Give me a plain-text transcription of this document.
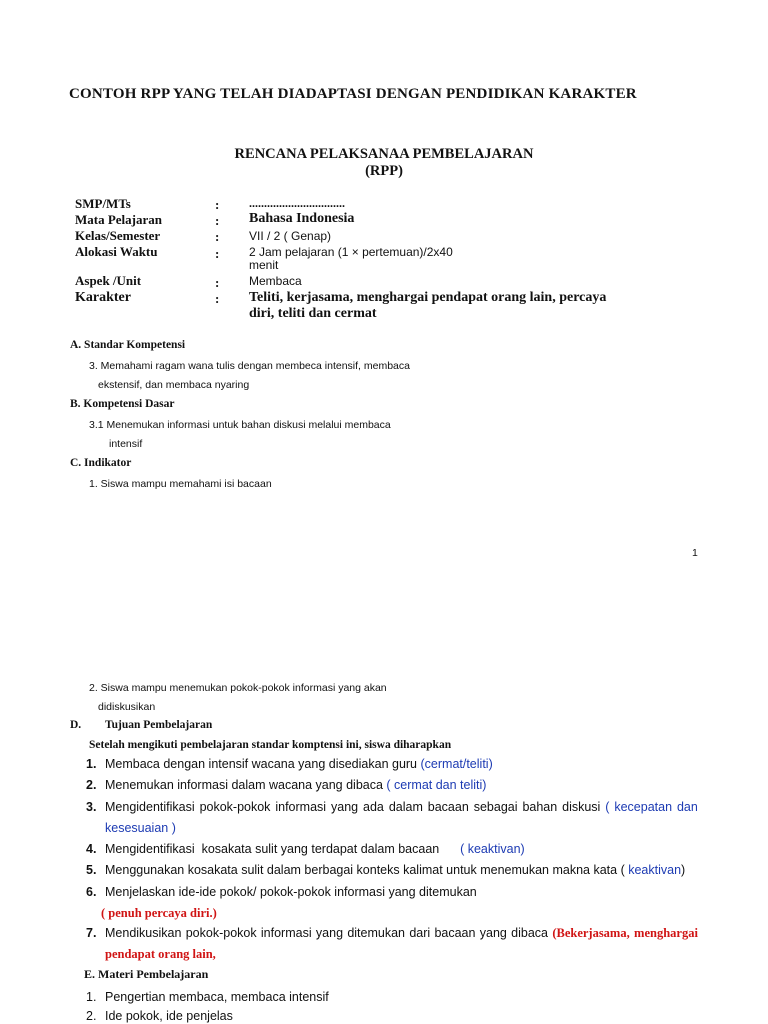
CONTOH RPP YANG TELAH DIADAPTASI DENGAN PENDIDIKAN KARAKTER
RENCANA PELAKSANAA PEMBELAJARAN
(RPP)
SMP/MTs	: ................................
Mata Pelajaran	: Bahasa Indonesia
Kelas/Semester	: VII / 2 ( Genap)
Alokasi Waktu	: 2 Jam pelajaran (1 × pertemuan)/2x40
menit
Aspek /Unit	: Membaca
Karakter	: Teliti, kerjasama, menghargai pendapat orang lain, percaya
diri, teliti dan cermat
A. Standar Kompetensi
3. Memahami ragam wana tulis dengan membeca intensif, membaca
ekstensif, dan membaca nyaring
B. Kompetensi Dasar
3.1 Menemukan informasi untuk bahan diskusi melalui membaca
intensif
C. Indikator
1. Siswa mampu memahami isi bacaan
1
2. Siswa mampu menemukan pokok-pokok informasi yang akan
didiskusikan
D. Tujuan Pembelajaran
Setelah mengikuti pembelajaran standar komptensi ini, siswa diharapkan
1. Membaca dengan intensif wacana yang disediakan guru (cermat/teliti)
2. Menemukan informasi dalam wacana yang dibaca ( cermat dan teliti)
3. Mengidentifikasi pokok-pokok informasi yang ada dalam bacaan sebagai bahan diskusi ( kecepatan dan
kesesuaian )
4. Mengidentifikasi  kosakata sulit yang terdapat dalam bacaan      ( keaktivan)
5. Menggunakan kosakata sulit dalam berbagai konteks kalimat untuk menemukan makna kata ( keaktivan)
6. Menjelaskan ide-ide pokok/ pokok-pokok informasi yang ditemukan
( penuh percaya diri.)
7. Mendikusikan pokok-pokok informasi yang ditemukan dari bacaan yang dibaca (Bekerjasama, menghargai
pendapat orang lain,
E. Materi Pembelajaran
1. Pengertian membaca, membaca intensif
2. Ide pokok, ide penjelas
